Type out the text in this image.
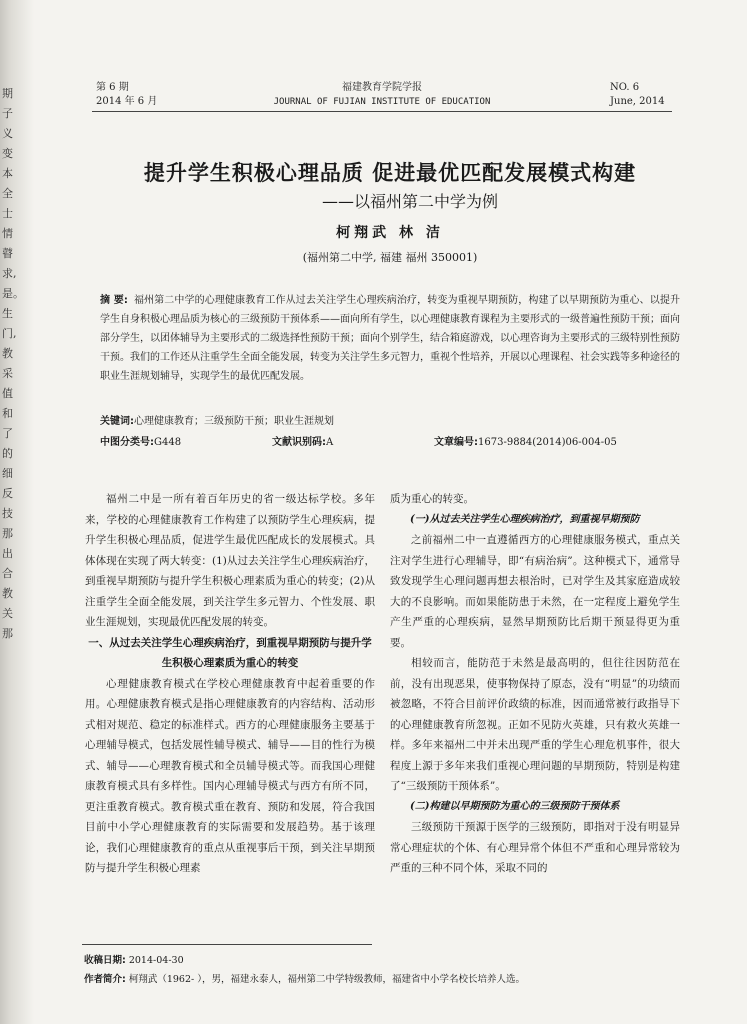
期
子
义
变
本
全
士
情
瞽
求,
是。
生
门,
教
采
值
和
了
的
细
反
技
那
出
合
教
关
那
第 6 期
2014 年 6 月
福建教育学院学报
JOURNAL OF FUJIAN INSTITUTE OF EDUCATION
NO. 6
June, 2014
提升学生积极心理品质 促进最优匹配发展模式构建
——以福州第二中学为例
柯翔武 林 洁
(福州第二中学, 福建 福州 350001)
摘 要: 福州第二中学的心理健康教育工作从过去关注学生心理疾病治疗，转变为重视早期预防，构建了以早期预防为重心、以提升学生自身积极心理品质为核心的三级预防干预体系——面向所有学生，以心理健康教育课程为主要形式的一级普遍性预防干预；面向部分学生，以团体辅导为主要形式的二级选择性预防干预；面向个别学生，结合箱庭游戏，以心理咨询为主要形式的三级特别性预防干预。我们的工作还从注重学生全面全能发展，转变为关注学生多元智力，重视个性培养，开展以心理课程、社会实践等多种途径的职业生涯规划辅导，实现学生的最优匹配发展。
关键词:心理健康教育；三级预防干预；职业生涯规划
中图分类号:G448	文献识别码:A	文章编号:1673-9884(2014)06-004-05

福州二中是一所有着百年历史的省一级达标学校。多年来，学校的心理健康教育工作构建了以预防学生心理疾病，提升学生积极心理品质，促进学生最优匹配成长的发展模式。具体体现在实现了两大转变：(1)从过去关注学生心理疾病治疗，到重视早期预防与提升学生积极心理素质为重心的转变；(2)从注重学生全面全能发展，到关注学生多元智力、个性发展、职业生涯规划，实现最优匹配发展的转变。

一、从过去关注学生心理疾病治疗，到重视早期预防与提升学生积极心理素质为重心的转变

心理健康教育模式在学校心理健康教育中起着重要的作用。心理健康教育模式是指心理健康教育的内容结构、活动形式相对规范、稳定的标准样式。西方的心理健康服务主要基于心理辅导模式，包括发展性辅导模式、辅导——目的性行为模式、辅导——心理教育模式和全员辅导模式等。而我国心理健康教育模式具有多样性。国内心理辅导模式与西方有所不同，更注重教育模式。教育模式重在教育、预防和发展，符合我国目前中小学心理健康教育的实际需要和发展趋势。基于该理论，我们心理健康教育的重点从重视事后干预，到关注早期预防与提升学生积极心理素

质为重心的转变。

(一)从过去关注学生心理疾病治疗，到重视早期预防

之前福州二中一直遵循西方的心理健康服务模式，重点关注对学生进行心理辅导，即“有病治病”。这种模式下，通常导致发现学生心理问题再想去根治时，已对学生及其家庭造成较大的不良影响。而如果能防患于未然，在一定程度上避免学生产生严重的心理疾病，显然早期预防比后期干预显得更为重要。

相较而言，能防范于未然是最高明的，但往往因防范在前，没有出现恶果，使事物保持了原态，没有“明显”的功绩而被忽略，不符合目前评价政绩的标准，因而通常被行政指导下的心理健康教育所忽视。正如不见防火英雄，只有救火英雄一样。多年来福州二中并未出现严重的学生心理危机事件，很大程度上源于多年来我们重视心理问题的早期预防，特别是构建了“三级预防干预体系”。

(二)构建以早期预防为重心的三级预防干预体系

三级预防干预源于医学的三级预防，即指对于没有明显异常心理症状的个体、有心理异常个体但不严重和心理异常较为严重的三种不同个体，采取不同的

收稿日期: 2014-04-30
作者简介: 柯翔武（1962- ），男，福建永泰人，福州第二中学特级教师，福建省中小学名校长培养人选。
